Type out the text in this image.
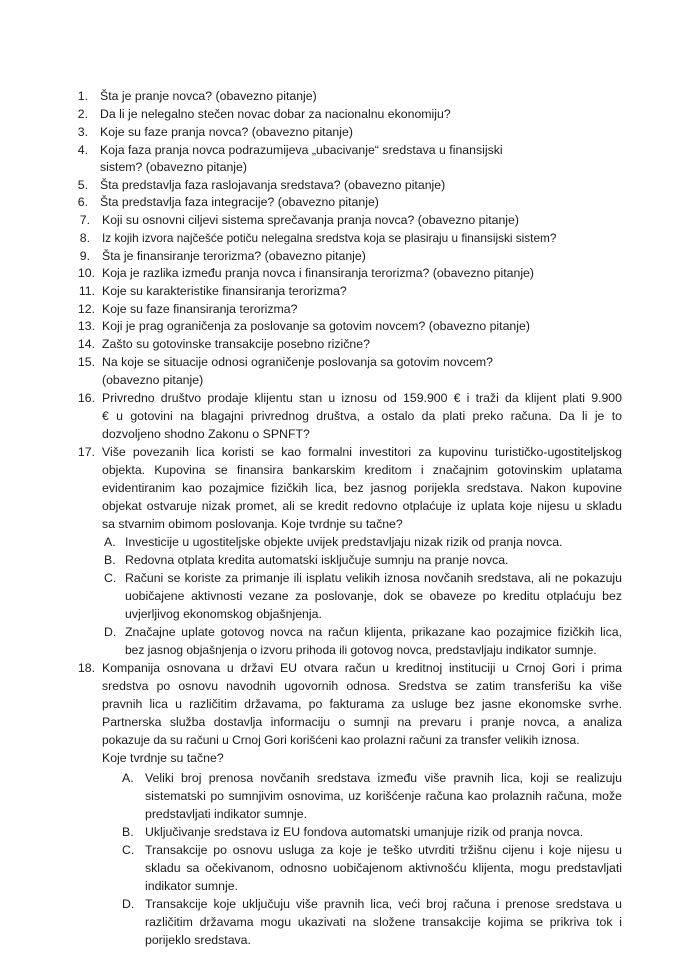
1. Šta je pranje novca? (obavezno pitanje)
2. Da li je nelegalno stečen novac dobar za nacionalnu ekonomiju?
3. Koje su faze pranja novca? (obavezno pitanje)
4. Koja faza pranja novca podrazumijeva „ubacivanje“ sredstava u finansijski
sistem? (obavezno pitanje)
5. Šta predstavlja faza raslojavanja sredstava? (obavezno pitanje)
6. Šta predstavlja faza integracije? (obavezno pitanje)
7. Koji su osnovni ciljevi sistema sprečavanja pranja novca? (obavezno pitanje)
8. Iz kojih izvora najčešće potiču nelegalna sredstva koja se plasiraju u finansijski sistem?
9. Šta je finansiranje terorizma? (obavezno pitanje)
10. Koja je razlika između pranja novca i finansiranja terorizma? (obavezno pitanje)
11. Koje su karakteristike finansiranja terorizma?
12. Koje su faze finansiranja terorizma?
13. Koji je prag ograničenja za poslovanje sa gotovim novcem? (obavezno pitanje)
14. Zašto su gotovinske transakcije posebno rizične?
15. Na koje se situacije odnosi ograničenje poslovanja sa gotovim novcem?
(obavezno pitanje)
16. Privredno društvo prodaje klijentu stan u iznosu od 159.900 € i traži da klijent plati 9.900
€ u gotovini na blagajni privrednog društva, a ostalo da plati preko računa. Da li je to
dozvoljeno shodno Zakonu o SPNFT?
17. Više povezanih lica koristi se kao formalni investitori za kupovinu turističko-ugostiteljskog
objekta. Kupovina se finansira bankarskim kreditom i značajnim gotovinskim uplatama
evidentiranim kao pozajmice fizičkih lica, bez jasnog porijekla sredstava. Nakon kupovine
objekat ostvaruje nizak promet, ali se kredit redovno otplaćuje iz uplata koje nijesu u skladu
sa stvarnim obimom poslovanja. Koje tvrdnje su tačne?
A. Investicije u ugostiteljske objekte uvijek predstavljaju nizak rizik od pranja novca.
B. Redovna otplata kredita automatski isključuje sumnju na pranje novca.
C. Računi se koriste za primanje ili isplatu velikih iznosa novčanih sredstava, ali ne pokazuju
uobičajene aktivnosti vezane za poslovanje, dok se obaveze po kreditu otplaćuju bez
uvjerljivog ekonomskog objašnjenja.
D. Značajne uplate gotovog novca na račun klijenta, prikazane kao pozajmice fizičkih lica,
bez jasnog objašnjenja o izvoru prihoda ili gotovog novca, predstavljaju indikator sumnje.
18. Kompanija osnovana u državi EU otvara račun u kreditnoj instituciji u Crnoj Gori i prima
sredstva po osnovu navodnih ugovornih odnosa. Sredstva se zatim transferišu ka više
pravnih lica u različitim državama, po fakturama za usluge bez jasne ekonomske svrhe.
Partnerska služba dostavlja informaciju o sumnji na prevaru i pranje novca, a analiza
pokazuje da su računi u Crnoj Gori korišćeni kao prolazni računi za transfer velikih iznosa.
Koje tvrdnje su tačne?
A. Veliki broj prenosa novčanih sredstava između više pravnih lica, koji se realizuju
sistematski po sumnjivim osnovima, uz korišćenje računa kao prolaznih računa, može
predstavljati indikator sumnje.
B. Uključivanje sredstava iz EU fondova automatski umanjuje rizik od pranja novca.
C. Transakcije po osnovu usluga za koje je teško utvrditi tržišnu cijenu i koje nijesu u
skladu sa očekivanom, odnosno uobičajenom aktivnošću klijenta, mogu predstavljati
indikator sumnje.
D. Transakcije koje uključuju više pravnih lica, veći broj računa i prenose sredstava u
različitim državama mogu ukazivati na složene transakcije kojima se prikriva tok i
porijeklo sredstava.
